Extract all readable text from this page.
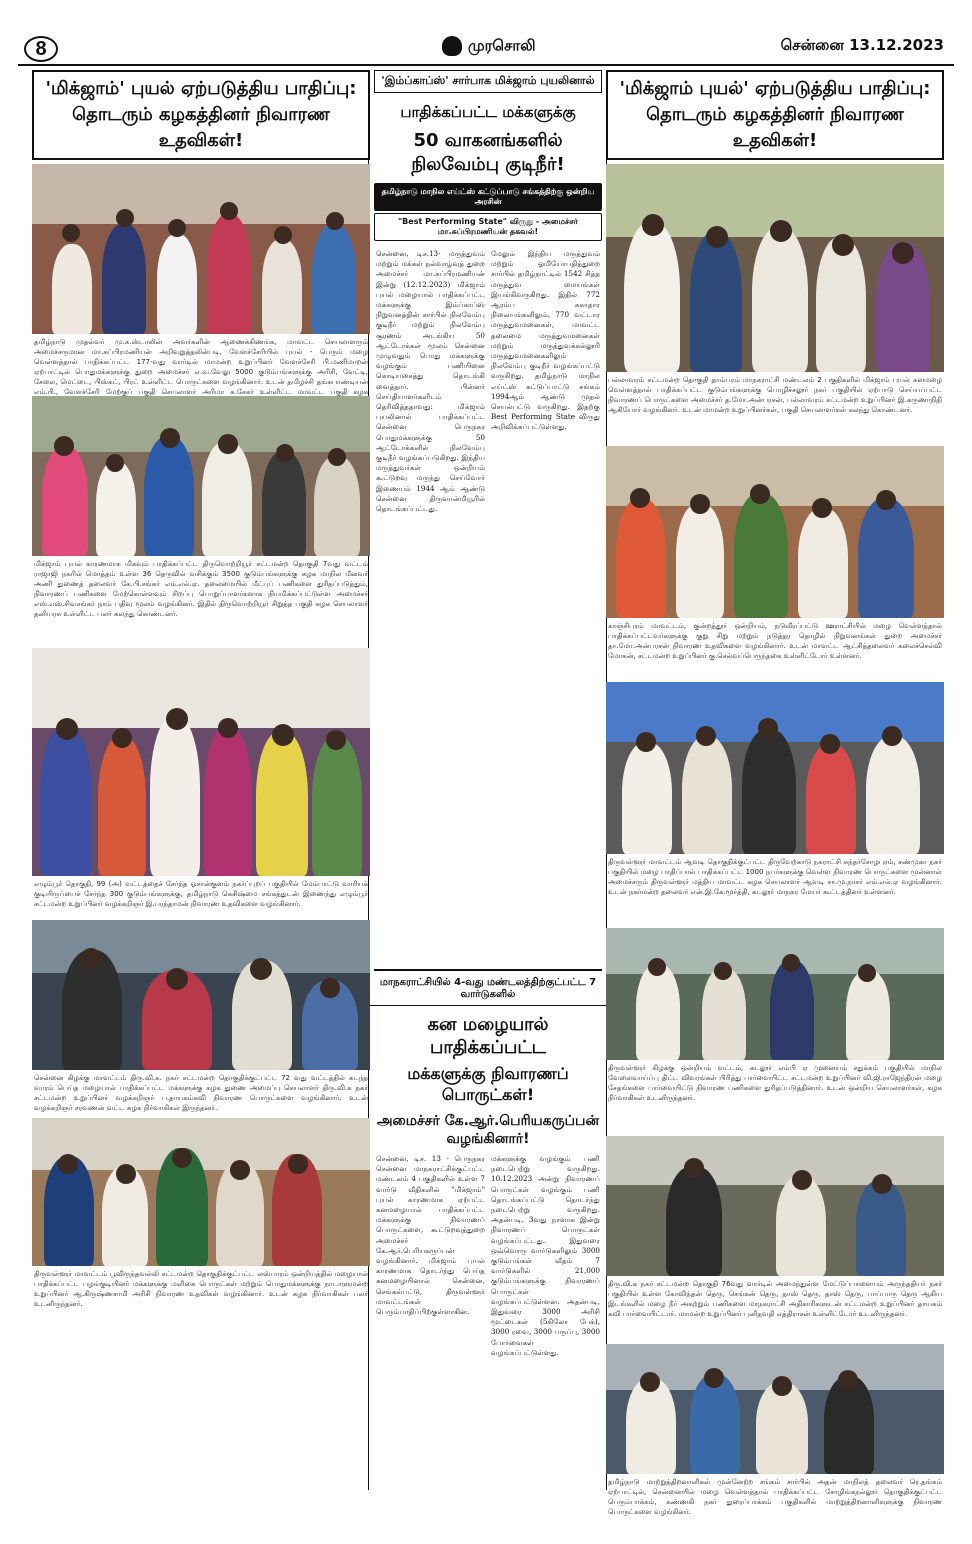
8	முரசொலி	சென்னை 13.12.2023
'மிக்ஜாம்' புயல் ஏற்படுத்திய பாதிப்பு:
தொடரும் கழகத்தினர் நிவாரண உதவிகள்!
தமிழ்நாடு முதல்வர் மு.க.ஸ்டாலின் அவர்களின் ஆணைக்கிணங்க, மாவட்ட செயலாளரும் அமைச்சருமான மா.சுப்பிரமணியன் அறிவுறுத்தலின்படி, வேளச்சேரியில் புயல் - பெரும் மழை வெள்ளத்தால் பாதிக்கப்பட்ட 177-வது வார்டில் மாமன்ற உறுப்பினர் வேளச்சேரி பி.மணிமாறன் ஏற்பாட்டில் பொதுமக்களுக்கு துறை அமைச்சர் எ.வ.வேலு 5000 குடும்பங்களுக்கு அரிசி, வேட்டி, சேலை, மெட்டை, பிஸ்கட், பிரட் உள்ளிட்ட பொருட்களை வழங்கினார். உடன் தமிழச்சி தங்கபாண்டியன் எம்.பி., வேளச்சேரி மேற்குப் பகுதி செயலாளர் அரிமா சு.சேகர் உள்ளிட்ட மாவட்ட பகுதி கழக
மிக்ஜாம் புயல் காரணமாக மிகவும் பாதிக்கப்பட்ட திருவொற்றியூர் சட்டமன்ற தொகுதி 7வது வட்டம் ராஜாஜி நகரில் மொத்தம் உள்ள 36 தெருவில் வசிக்கும் 3500 குடும்பங்களுக்கு கழக மாநில மீனவர் அணி துணைத் தலைவர் கே.பி.சங்கர் எம்.எல்.ஏ. தலைமையில் மீட்புப் பணிகளை துரிதப்படுத்தும், நிவாரணப் பணிகளை மேற்கொள்ளவும் சிறப்பு பொறுப்பாளர்களாக நியமிக்கப்பட்டுள்ள அமைச்சர் எஸ்.எஸ்.சிவசங்கர் நாம் பதிவு மூலம் வழங்கினர். இதில் திருவொற்றியூர் சிறுத்த பகுதி கழக செயலாளர் தனியரசு உள்ளிட்ட பலர் கலந்து கொண்டனர்.
எழும்பூர் தொகுதி, 99 (அ) வட்டத்தைச் சேர்ந்த ஓசான்குளம் நகர்ப்புறப் பகுதியில் மேம்பாட்டு வாரியக் குடியிருப்பைச் சேர்ந்த 300 குடும்பங்களுக்கு, தமிழ்நாடு கெசிஷ்மை சங்கத்துடன் இணைந்து எழும்பூர் சட்டமன்ற உறுப்பினர் வழக்கறிஞர் இ.பரந்தாமன் நிவாரண உதவிகளை வழங்கினார்.
சென்னை கிழக்கு மாவட்டம் திரு.வி.க. நகர் சட்டமன்ற தொகுதிக்குட்பட்ட 72 வது வட்டத்தில் கடந்த வாரம் பெய்த மழையால் பாதிக்கப்பட்ட மக்களுக்கு கழக துணை அமைப்பு செயலாளர் திரு.வி.க நகர் சட்டமன்ற உறுப்பினர் வழக்கறிஞர் ப.தாயகம்கவி நிவாரண பொருட்களை வழங்கினார். உடன் வழக்கறிஞர் சரவணன் வட்ட கழக நிர்வாகிகள் இருந்தனர்.
திருவள்ளூர் மாவட்டம் பூவிருந்தவல்லி சட்டமன்ற தொகுதிக்குட்பட்ட லஸ்பாரம் ஒன்றியத்தில் மழையால் பாதிக்கப்பட்ட பழங்குடியினர் மக்களுக்கு மளிகை பொருட்கள் மற்றும் பொதுமக்களுக்கு நாடாளுமன்ற உறுப்பினர் ஆ.கிருஷ்ணசாமி அரிசி நிவாரண உதவிகள் வழங்கினார். உடன் கழக நிர்வாகிகள் பலர் உடனிருந்தனர்.
'இம்ப்காப்ஸ்' சார்பாக மிக்ஜாம் புயலினால்
பாதிக்கப்பட்ட மக்களுக்கு
50 வாகனங்களில் நிலவேம்பு குடிநீர்!
தமிழ்நாடு மாநில எய்ட்ஸ் கட்டுப்பாடு சங்கத்திற்கு ஒன்றிய அரசின்
"Best Performing State" விருது - அமைச்சர் மா.சுப்பிரமணியன் தகவல்!
சென்னை, டிச.13- மருத்துவம் மற்றும் மக்கள் நல்வாழ்வுத் துறை அமைச்சர் மா.சுப்பிரமணியன் இன்று (12.12.2023) மிக்ஜாம் புயல் மழையால் பாதிக்கப்பட்ட மக்களுக்கு இம்ப்காப்ஸ் நிறுவனத்தின் சார்பில் நிலவேம்பு குடிநீர் மற்றும் நிலவேம்பு சூரணம் அடங்கிய 50 ஆட்டோக்கள் மூலம் சென்னை முழுவதும் பொது மக்களுக்கு வழங்கும் பணியினை கொடியசைத்து தொடங்கி வைத்தார். பின்னர் செய்தியாளர்களிடம் தெரிவித்ததாவது: மிக்ஜாம் புயலினால் பாதிக்கப்பட்ட சென்னை பெருநகர பொதுமக்களுக்கு 50 ஆட்டோக்களில் நிலவேம்பு குடிநீர் வழங்கப்படுகிறது. இந்திய மருத்துவர்கள் ஒன்றியம் கூட்டுறவு மருந்து செய்வோர் இணையம் 1944 ஆம் ஆண்டு சென்னை திருவான்மியூரில் தொடங்கப்பட்டது.
மேலும் இந்திய மருத்துவம் மற்றும் ஓமியோபதித்துறை சார்பில் தமிழ்நாட்டில் 1542 சித்த மருத்துவ மையங்கள் இயங்கிவருகிறது. இதில் 772 ஆரம்ப சுகாதார நிலையங்களிலும், 770 வட்டார மருத்துவமனைகள், மாவட்ட தலைமை மருத்துவமனைகள் மற்றும் மருத்துவக்கல்லூரி மருத்துவமனைகளிலும் நிலவேம்பு குடிநீர் வழங்கப்பட்டு வருகிறது. தமிழ்நாடு மாநில எய்ட்ஸ் கட்டுப்பாட்டு சங்கம் 1994ஆம் ஆண்டு முதல் செயல்பட்டு வருகிறது. இதற்கு Best Performing State விருது அறிவிக்கப்பட்டுள்ளது.
மாநகராட்சியில் 4-வது மண்டலத்திற்குட்பட்ட 7 வார்டுகளில்
கன மழையால் பாதிக்கப்பட்ட
மக்களுக்கு நிவாரணப் பொருட்கள்!
அமைச்சர் கே.ஆர்.பெரியகருப்பன் வழங்கினார்!
சென்னை, டிச. 13 - பெருநகர சென்னை மாநகராட்சிக்குட்பட்ட மண்டலம் 4 பகுதிகளில் உள்ள 7 வார்டு வீதிகளில் "மிக்ஜாம்" புயல் காரணமாக ஏற்பட்ட கனமழையால் பாதிக்கப்பட்ட மக்களுக்கு நிவாரணப் பொருட்களை, கூட்டுறவுத்துறை அமைச்சர் கே.ஆர்.பெரியகருப்பன் வழங்கினார். மிக்ஜாம் புயல் காரணமாக தொடர்ந்து பெய்த கனமழையினால் சென்னை, செங்கல்பட்டு, திருவள்ளூர் மாவட்டங்கள் பெரும்பாதிப்பிற்குள்ளாகின.
மக்களுக்கு வழங்கும் பணி நடைபெற்று வருகிறது. 10.12.2023 அன்று நிவாரணப் பொருட்கள் வழங்கும் பணி தொடங்கப்பட்டு தொடர்ந்து நடைபெற்று வருகிறது. அதன்படி, 3வது நாளாக இன்று நிவாரணப் பொருட்கள் வழங்கப்பட்டது. இதுவரை ஒவ்வொரு வார்டுகளிலும் 3000 குடும்பங்கள் வீதம் 7 வார்டுகளில் 21,000 குடும்பங்களுக்கு நிவாரணப் பொருட்கள் வழங்கப்பட்டுள்ளன. அதன்படி, இதுவரை 3000 அரிசி மூட்டைகள் (5கிலோ பேக்), 3000 ரவை, 3000 பருப்பு, 3000 போர்வைகள் வழங்கப்பட்டுள்ளது.
'மிக்ஜாம் புயல்' ஏற்படுத்திய பாதிப்பு:
தொடரும் கழகத்தினர் நிவாரண உதவிகள்!
பல்லாவரம் சட்டமன்ற தொகுதி தாம்பரம் மாநகராட்சி மண்டலம் 2 பகுதிகளில் மிக்ஜாம் புயல் கனமழை வெள்ளத்தால் பாதிக்கப்பட்ட குடும்பங்களுக்கு பொழிச்சலூர் நகர் பகுதியில் ஏற்பாடு செய்யப்பட்ட நிவாரணப் பொருட்களை அமைச்சர் த.மோ.அன்பரசன், பல்லாவரம் சட்டமன்ற உறுப்பினர் இ.கருணாநிதி ஆகியோர் வழங்கினர். உடன் மாமன்ற உறுப்பினர்கள், பகுதி செயலாளர்கள் கலந்து கொண்டனர்.
காஞ்சிபுரம் மாவட்டம், குன்றத்தூர் ஒன்றியம், நடுவீரப்பட்டு ஊராட்சியில் மழை வெள்ளத்தால் பாதிக்கப்பட்டவர்களுக்கு குறு சிறு மற்றும் நடுத்தர தொழில் நிறுவனங்கள் துறை அமைச்சர் தா.மோ.அன்பரசன் நிவாரண உதவிகளை வழங்கினார். உடன் மாவட்ட ஆட்சித்தலைவர் கலைச்செல்வி மோகன், சட்டமன்ற உறுப்பினர் கு.செல்வப்பெருந்தகை உள்ளிட்டோர் உள்ளனர்.
திருவள்ளூர் மாவட்டம் ஆவடி தொகுதிக்குட்பட்ட திருவேற்காடு நகராட்சி சுந்தர்சோழபுரம், சண்முகா நகர் பகுதியில் மழை பாதிப்பால் பாதிக்கப்பட்ட 1000 நபர்களுக்கு வெள்ள நிவாரண பொருட்களை முன்னாள் அமைச்சரும் திருவள்ளூர் மத்திய மாவட்ட கழக செயலாளர் ஆவடி சா.மு.நாசர் எம்.எல்.ஏ வழங்கினார். உடன் நகர்மன்ற தலைவர் என்.இ.கே.மூர்த்தி, கடலூர் மாநகர மேயர் கூட்டத்தினர் உள்ளனர்.
திருவள்ளூர் கிழக்கு ஒன்றியம் வட்டம், கடலூர் எம்பி ஏ முனையம் சதுக்கம் பகுதியில் மாநில வேலைவாய்ப்பு திட்ட விவரங்கள் பிரித்து பார்வையிட்ட சட்டமன்ற உறுப்பினர் வி.ஜி.ராஜேந்திரன் மழை சேதங்களை பார்வையிட்டு நிவாரண பணிகளை துரிதப்படுத்தினார். உடன் ஒன்றிய செயலாளர்கள், கழக நிர்வாகிகள் உடனிருந்தனர்.
திரு.வி.க நகர் சட்டமன்ற தொகுதி 76வது வார்டில் அமைந்துள்ள மேட்டுப்பாளையம் அருந்ததியர் நகர் பகுதியில் உள்ள கோவிந்தன் தெரு, செங்கன் தெரு, தாஸ் தெரு, தாஸ் தெரு, பாப்பாரு தெரு ஆகிய இடங்களில் மழை நீர் அகற்றும் பணிகளை மாநகராட்சி அதிகாரிகளுடன் சட்டமன்ற உறுப்பினர் தாயகம் கவி பார்வையிட்டார். மாமன்ற உறுப்பினர் புனிதவதி எத்திராசன் உள்ளிட்டோர் உடனிருந்தனர்.
தமிழ்நாடு மாற்றுத்திறனாளிகள் முன்னேற்ற சங்கம் சார்பில் அதன் மாநிலத் தலைவர் ரெ.தங்கம் ஏற்பாட்டில், சென்னையில் மழை வெள்ளத்தால் பாதிக்கப்பட்ட சோழிங்கநல்லூர் தொகுதிக்குட்பட்ட பெரும்பாக்கம், கண்ணகி நகர் துரைப்பாக்கம் பகுதிகளில் மாற்றுத்திறனாளிகளுக்கு நிவாரண பொருட்களை வழங்கினர்.
